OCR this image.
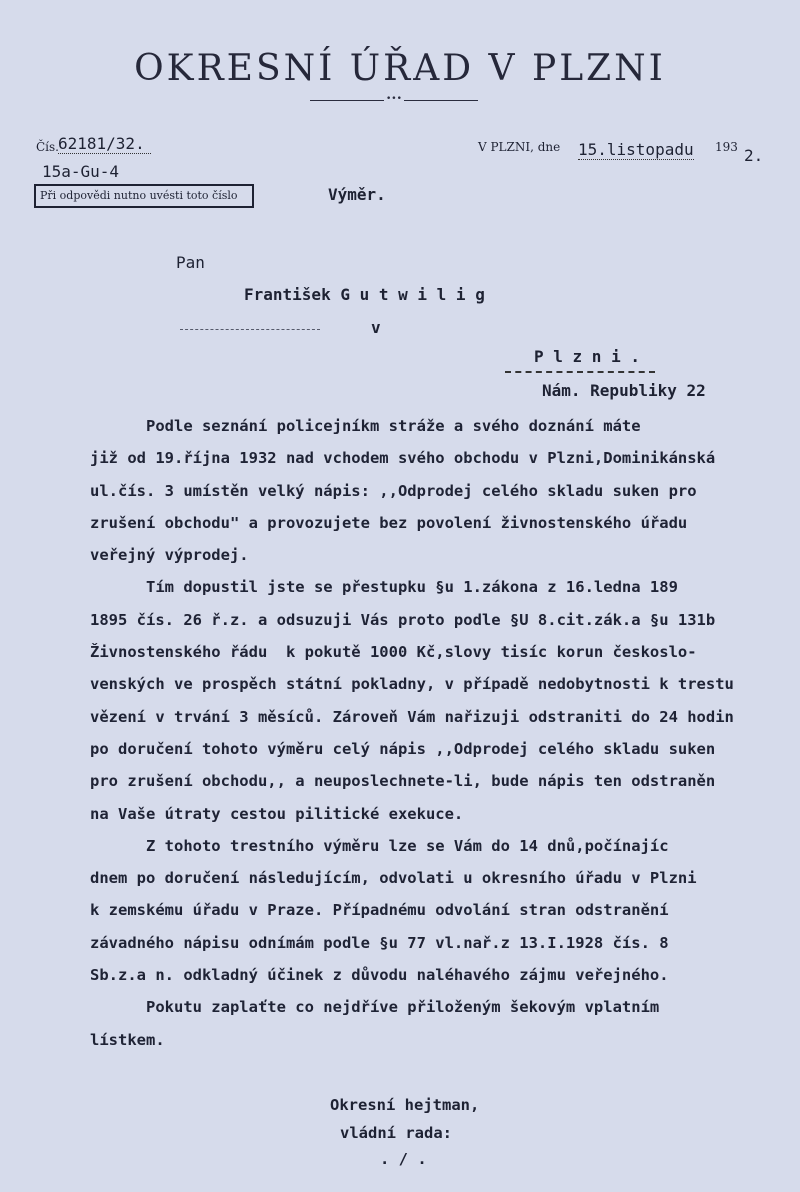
OKRESNÍ ÚŘAD V PLZNI
•••
Čís. 62181/32.
15a-Gu-4
Při odpovědi nutno uvésti toto číslo
V PLZNI, dne 15.listopadu 193 2.
Výměr.
Pan
František G u t w i l i g
v
P l z n i .
Nám. Republiky 22
Podle seznání policejníkm stráže a svého doznání máte
již od 19.října 1932 nad vchodem svého obchodu v Plzni,Dominikánská
ul.čís. 3 umístěn velký nápis: ,,Odprodej celého skladu suken pro
zrušení obchodu" a provozujete bez povolení živnostenského úřadu
veřejný výprodej.
Tím dopustil jste se přestupku §u 1.zákona z 16.ledna 189
1895 čís. 26 ř.z. a odsuzuji Vás proto podle §U 8.cit.zák.a §u 131b
Živnostenského řádu  k pokutě 1000 Kč,slovy tisíc korun českoslo-
venských ve prospěch státní pokladny, v případě nedobytnosti k trestu
vězení v trvání 3 měsíců. Zároveň Vám nařizuji odstraniti do 24 hodin
po doručení tohoto výměru celý nápis ,,Odprodej celého skladu suken
pro zrušení obchodu,, a neuposlechnete-li, bude nápis ten odstraněn
na Vaše útraty cestou pilitické exekuce.
Z tohoto trestního výměru lze se Vám do 14 dnů,počínajíc
dnem po doručení následujícím, odvolati u okresního úřadu v Plzni
k zemskému úřadu v Praze. Případnému odvolání stran odstranění
závadného nápisu odnímám podle §u 77 vl.nař.z 13.I.1928 čís. 8
Sb.z.a n. odkladný účinek z důvodu naléhavého zájmu veřejného.
Pokutu zaplaťte co nejdříve přiloženým šekovým vplatním
lístkem.
Okresní hejtman,
vládní rada:
. / .
